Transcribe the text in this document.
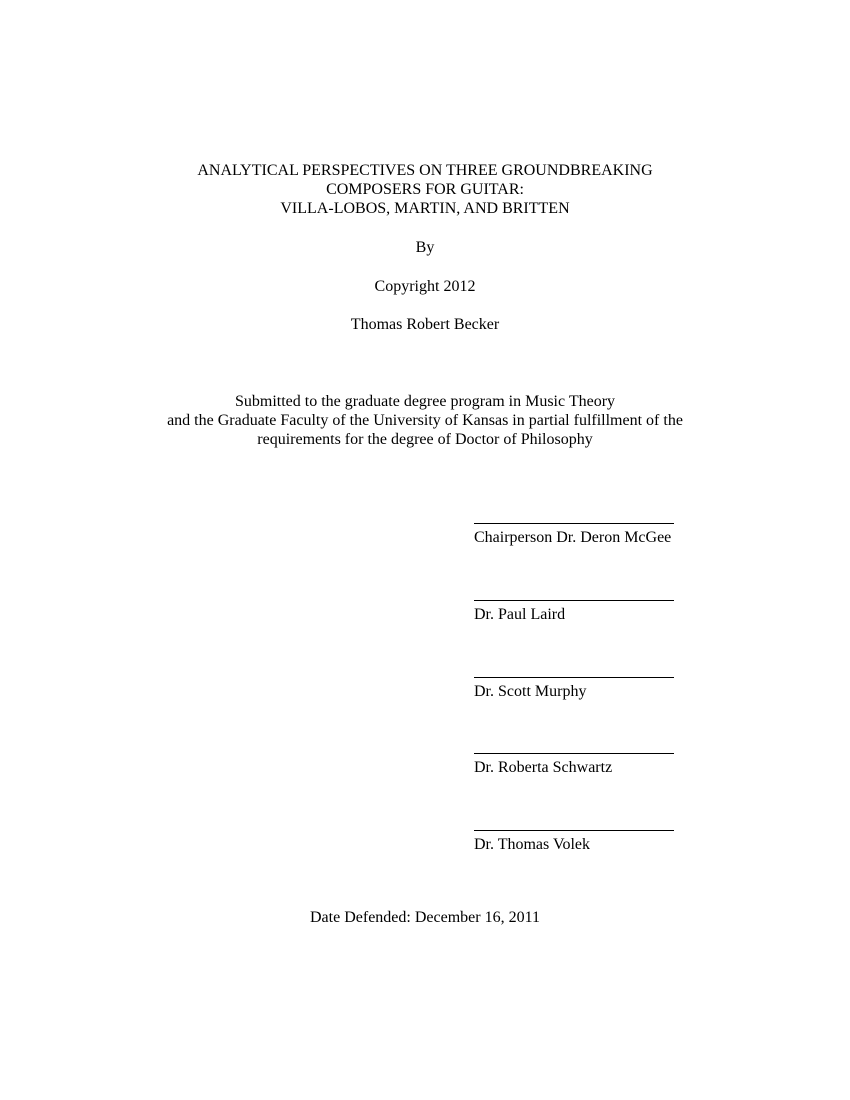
ANALYTICAL PERSPECTIVES ON THREE GROUNDBREAKING
COMPOSERS FOR GUITAR:
VILLA-LOBOS, MARTIN, AND BRITTEN
By
Copyright 2012
Thomas Robert Becker
Submitted to the graduate degree program in Music Theory
and the Graduate Faculty of the University of Kansas in partial fulfillment of the
requirements for the degree of Doctor of Philosophy
Chairperson Dr. Deron McGee
Dr. Paul Laird
Dr. Scott Murphy
Dr. Roberta Schwartz
Dr. Thomas Volek
Date Defended: December 16, 2011
